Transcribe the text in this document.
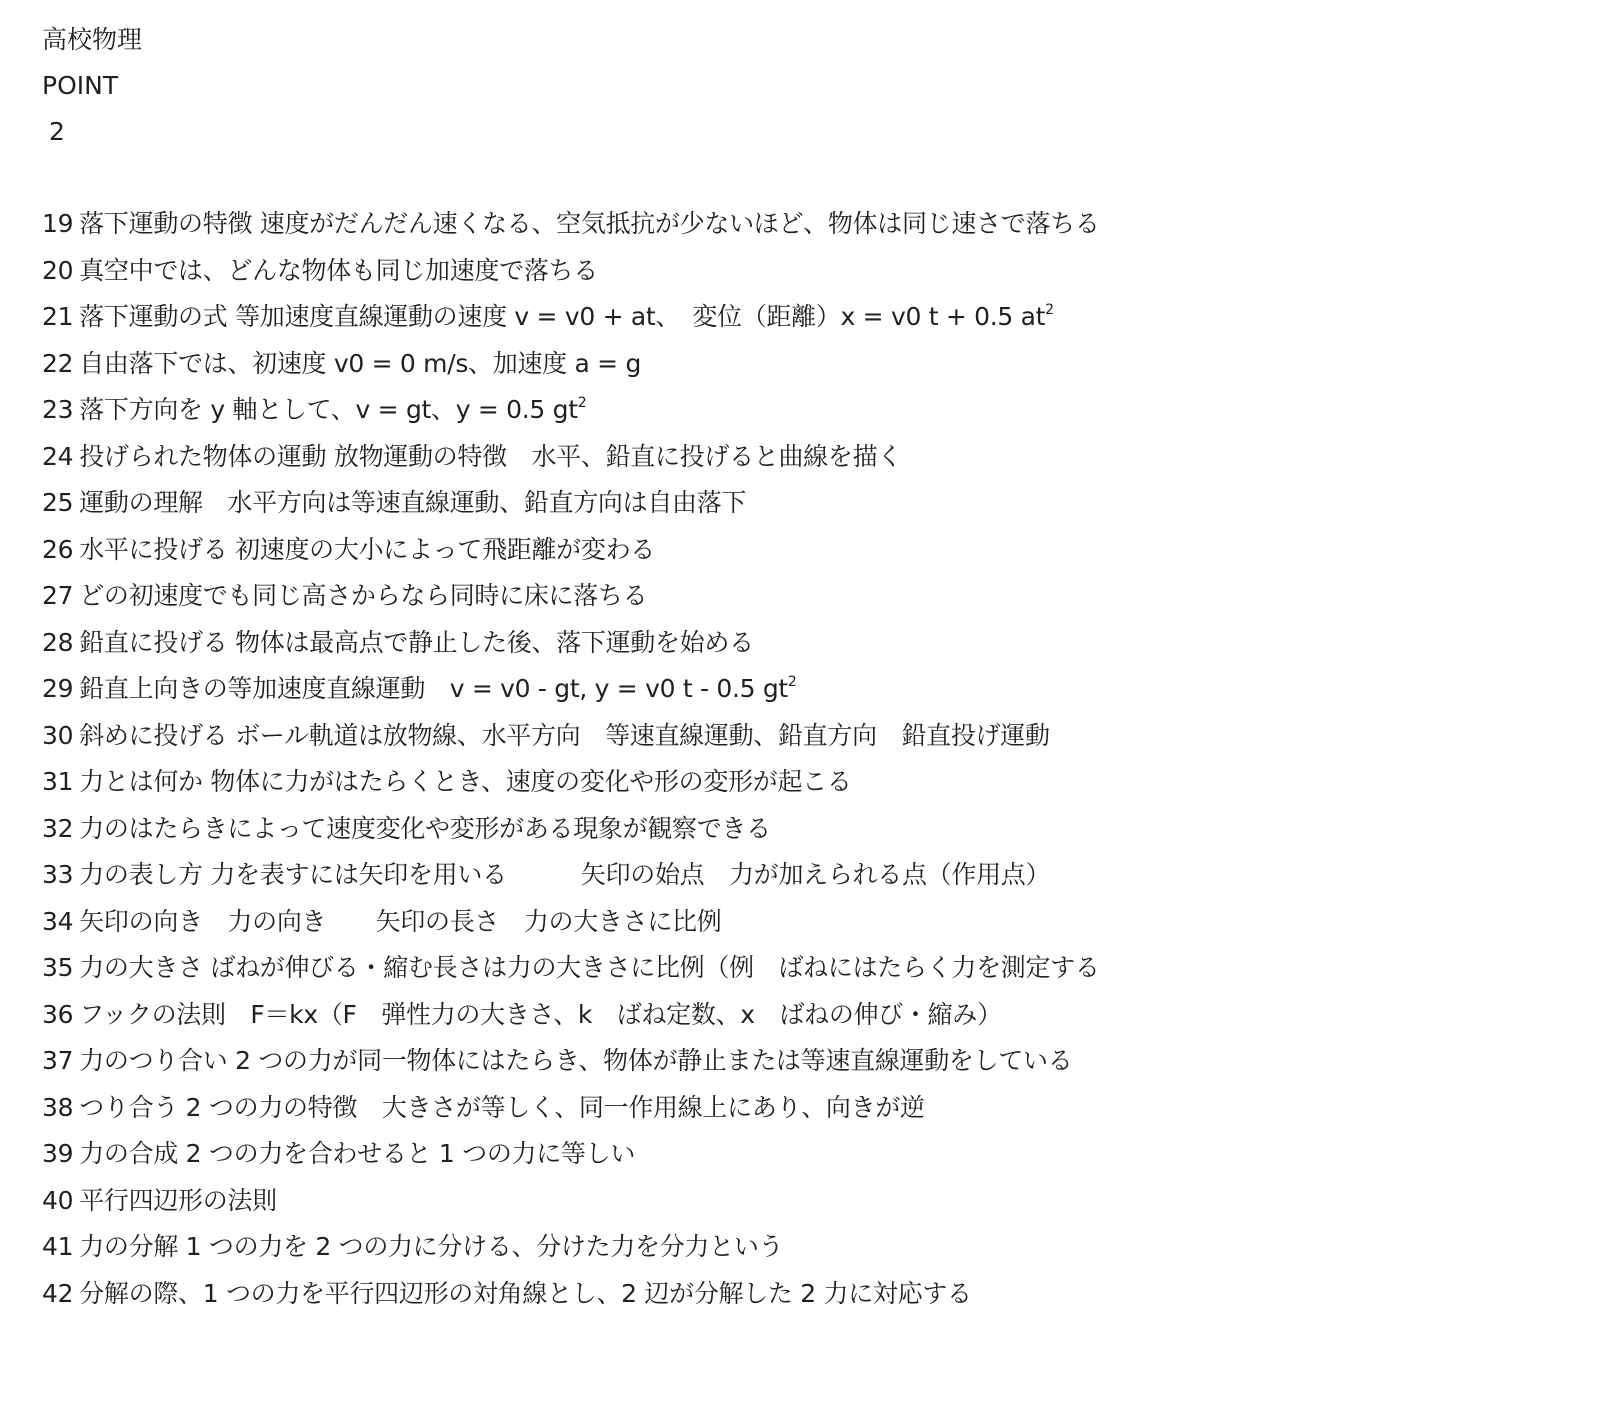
高校物理
POINT
2
19 落下運動の特徴 速度がだんだん速くなる、空気抵抗が少ないほど、物体は同じ速さで落ちる
20 真空中では、どんな物体も同じ加速度で落ちる
21 落下運動の式 等加速度直線運動の速度 v = v0 + at、　変位（距離）x = v0 t + 0.5 $at^2$
22 自由落下では、初速度 v0 = 0 m/s、加速度 a = g
23 落下方向を y 軸として、v = gt、y = 0.5 $gt^2$
24 投げられた物体の運動 放物運動の特徴　水平、鉛直に投げると曲線を描く
25 運動の理解　水平方向は等速直線運動、鉛直方向は自由落下
26 水平に投げる 初速度の大小によって飛距離が変わる
27 どの初速度でも同じ高さからなら同時に床に落ちる
28 鉛直に投げる 物体は最高点で静止した後、落下運動を始める
29 鉛直上向きの等加速度直線運動　v = v0 - gt, y = v0 t - 0.5 $gt^2$
30 斜めに投げる ボール軌道は放物線、水平方向　等速直線運動、鉛直方向　鉛直投げ運動
31 力とは何か 物体に力がはたらくとき、速度の変化や形の変形が起こる
32 力のはたらきによって速度変化や変形がある現象が観察できる
33 力の表し方 力を表すには矢印を用いる　　　矢印の始点　力が加えられる点（作用点）
34 矢印の向き　力の向き　　矢印の長さ　力の大きさに比例
35 力の大きさ ばねが伸びる・縮む長さは力の大きさに比例（例　ばねにはたらく力を測定する
36 フックの法則　F＝kx（F　弾性力の大きさ、k　ばね定数、x　ばねの伸び・縮み）
37 力のつり合い 2 つの力が同一物体にはたらき、物体が静止または等速直線運動をしている
38 つり合う 2 つの力の特徴　大きさが等しく、同一作用線上にあり、向きが逆
39 力の合成 2 つの力を合わせると 1 つの力に等しい
40 平行四辺形の法則
41 力の分解 1 つの力を 2 つの力に分ける、分けた力を分力という
42 分解の際、1 つの力を平行四辺形の対角線とし、2 辺が分解した 2 力に対応する
